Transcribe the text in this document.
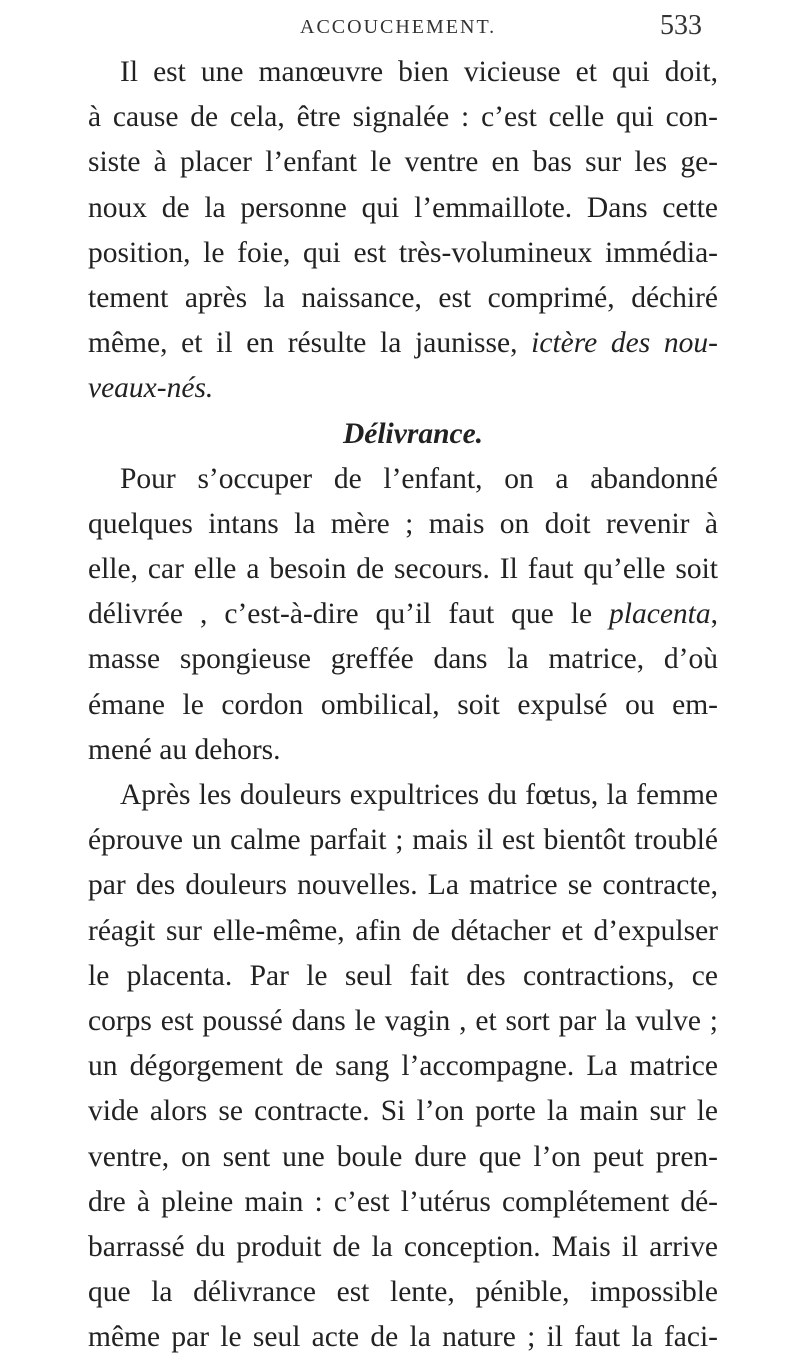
ACCOUCHEMENT.	533
Il est une manœuvre bien vicieuse et qui doit,
à cause de cela, être signalée : c’est celle qui con-
siste à placer l’enfant le ventre en bas sur les ge-
noux de la personne qui l’emmaillote. Dans cette
position, le foie, qui est très-volumineux immédia-
tement après la naissance, est comprimé, déchiré
même, et il en résulte la jaunisse, ictère des nou-
veaux-nés.
Délivrance.
Pour s’occuper de l’enfant, on a abandonné
quelques intans la mère ; mais on doit revenir à
elle, car elle a besoin de secours. Il faut qu’elle soit
délivrée , c’est-à-dire qu’il faut que le placenta,
masse spongieuse greffée dans la matrice, d’où
émane le cordon ombilical, soit expulsé ou em-
mené au dehors.
Après les douleurs expultrices du fœtus, la femme
éprouve un calme parfait ; mais il est bientôt troublé
par des douleurs nouvelles. La matrice se contracte,
réagit sur elle-même, afin de détacher et d’expulser
le placenta. Par le seul fait des contractions, ce
corps est poussé dans le vagin , et sort par la vulve ;
un dégorgement de sang l’accompagne. La matrice
vide alors se contracte. Si l’on porte la main sur le
ventre, on sent une boule dure que l’on peut pren-
dre à pleine main : c’est l’utérus complétement dé-
barrassé du produit de la conception. Mais il arrive
que la délivrance est lente, pénible, impossible
même par le seul acte de la nature ; il faut la faci-
